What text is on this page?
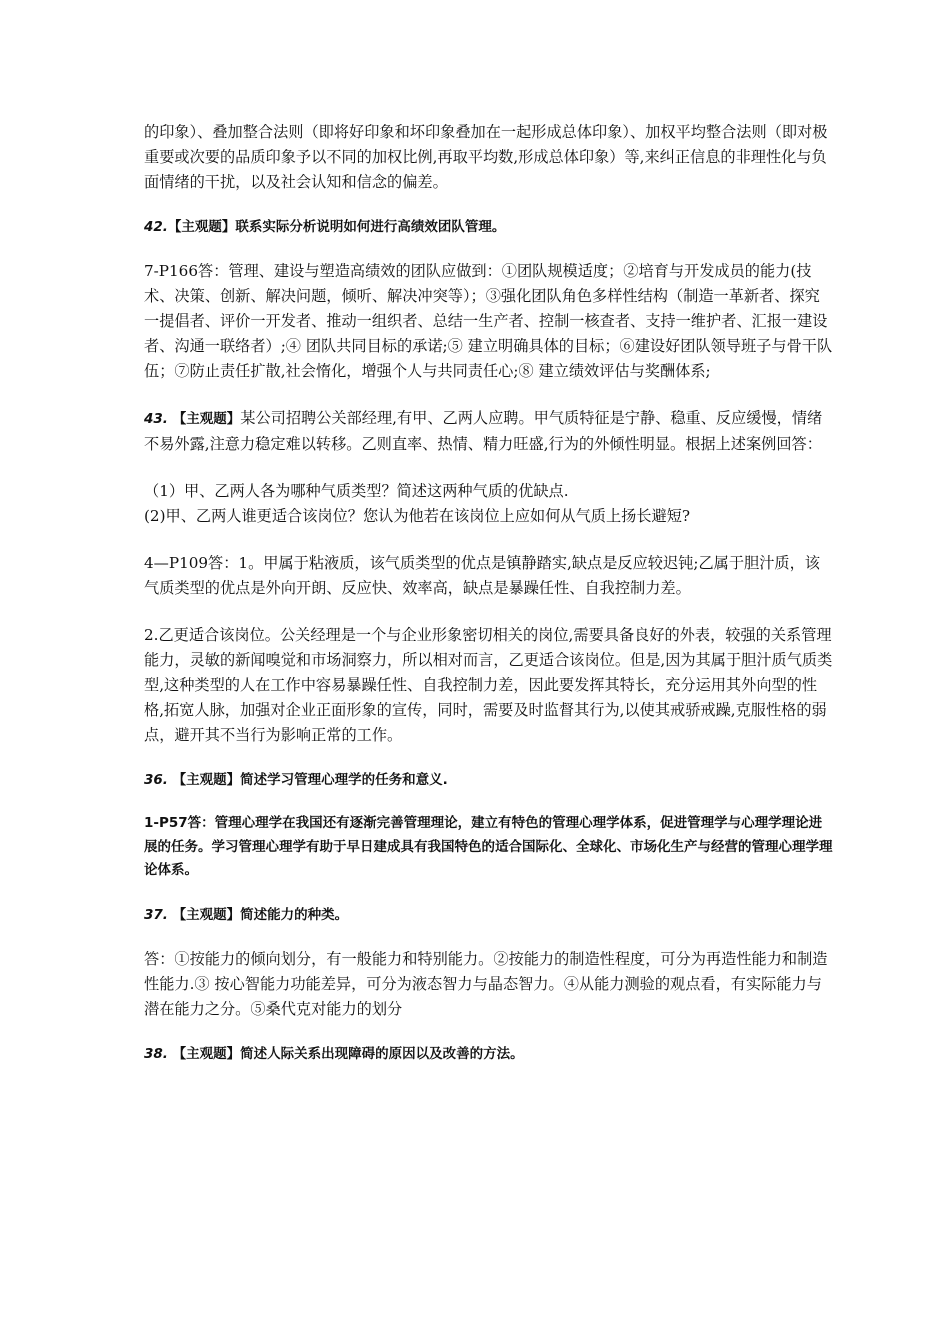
的印象）、叠加整合法则（即将好印象和坏印象叠加在一起形成总体印象）、加权平均整合法则（即对极重要或次要的品质印象予以不同的加权比例,再取平均数,形成总体印象）等,来纠正信息的非理性化与负面情绪的干扰，以及社会认知和信念的偏差。

42.【主观题】联系实际分析说明如何进行高绩效团队管理。

7-P166答：管理、建设与塑造高绩效的团队应做到：①团队规模适度；②培育与开发成员的能力(技术、决策、创新、解决问题，倾听、解决冲突等）；③强化团队角色多样性结构（制造一革新者、探究一提倡者、评价一开发者、推动一组织者、总结一生产者、控制一核查者、支持一维护者、汇报一建设者、沟通一联络者）;④ 团队共同目标的承诺;⑤ 建立明确具体的目标；⑥建设好团队领导班子与骨干队伍；⑦防止责任扩散,社会惰化，增强个人与共同责任心;⑧ 建立绩效评估与奖酬体系;

43. 【主观题】某公司招聘公关部经理,有甲、乙两人应聘。甲气质特征是宁静、稳重、反应缓慢，情绪不易外露,注意力稳定难以转移。乙则直率、热情、精力旺盛,行为的外倾性明显。根据上述案例回答：

（1）甲、乙两人各为哪种气质类型？简述这两种气质的优缺点.

(2)甲、乙两人谁更适合该岗位？您认为他若在该岗位上应如何从气质上扬长避短?

4—P109答：1。甲属于粘液质，该气质类型的优点是镇静踏实,缺点是反应较迟钝;乙属于胆汁质，该气质类型的优点是外向开朗、反应快、效率高，缺点是暴躁任性、自我控制力差。

2.乙更适合该岗位。公关经理是一个与企业形象密切相关的岗位,需要具备良好的外表，较强的关系管理能力，灵敏的新闻嗅觉和市场洞察力，所以相对而言，乙更适合该岗位。但是,因为其属于胆汁质气质类型,这种类型的人在工作中容易暴躁任性、自我控制力差，因此要发挥其特长，充分运用其外向型的性格,拓宽人脉，加强对企业正面形象的宣传，同时，需要及时监督其行为,以使其戒骄戒躁,克服性格的弱点，避开其不当行为影响正常的工作。

36. 【主观题】简述学习管理心理学的任务和意义.

1-P57答：管理心理学在我国还有逐渐完善管理理论，建立有特色的管理心理学体系，促进管理学与心理学理论进展的任务。学习管理心理学有助于早日建成具有我国特色的适合国际化、全球化、市场化生产与经营的管理心理学理论体系。

37. 【主观题】简述能力的种类。

答：①按能力的倾向划分，有一般能力和特别能力。②按能力的制造性程度，可分为再造性能力和制造性能力.③ 按心智能力功能差异，可分为液态智力与晶态智力。④从能力测验的观点看，有实际能力与潜在能力之分。⑤桑代克对能力的划分

38. 【主观题】简述人际关系出现障碍的原因以及改善的方法。
